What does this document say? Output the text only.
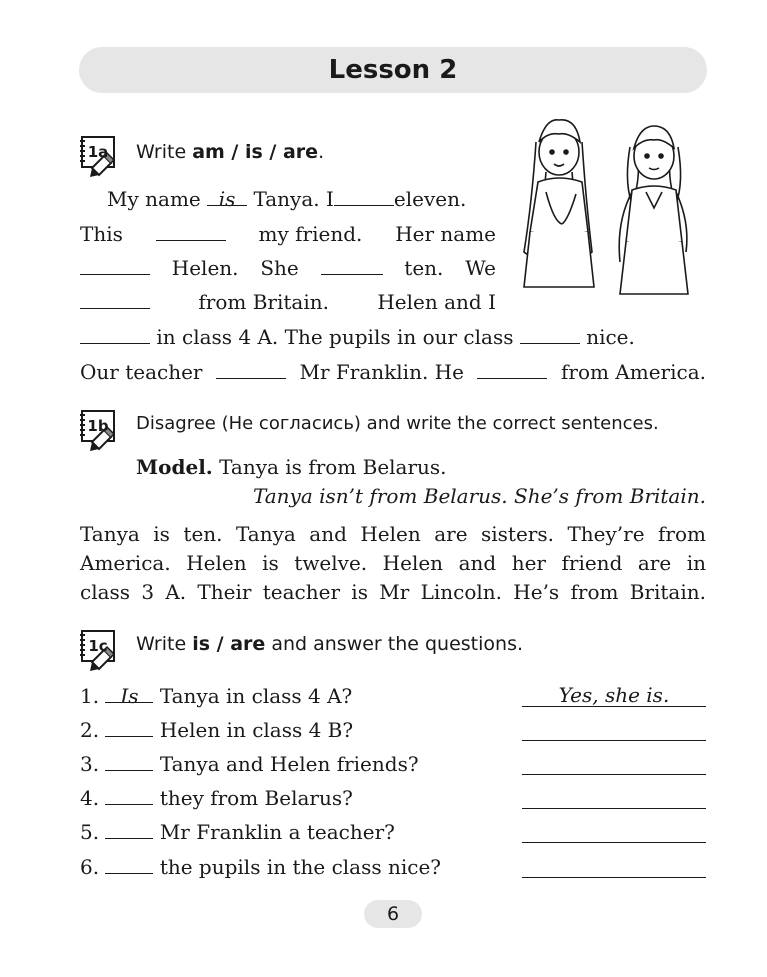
Lesson 2
1a Write am / is / are.
My name is Tanya. I	eleven.
This	my friend. Her name
Helen. She	ten. We
from Britain. Helen and I
in class 4 A. The pupils in our class	nice.
Our teacher	Mr Franklin. He	from America.
1b Disagree (Не согласись) and write the correct sentences.
Model. Tanya is from Belarus.
Tanya isn’t from Belarus. She’s from Britain.
Tanya is ten. Tanya and Helen are sisters. They’re from
America. Helen is twelve. Helen and her friend are in
class 3 A. Their teacher is Mr Lincoln. He’s from Britain.
1c Write is / are and answer the questions.
1. Is Tanya in class 4 A?	Yes, she is.
2.	Helen in class 4 B?
3.	Tanya and Helen friends?
4.	they from Belarus?
5.	Mr Franklin a teacher?
6.	the pupils in the class nice?
6
